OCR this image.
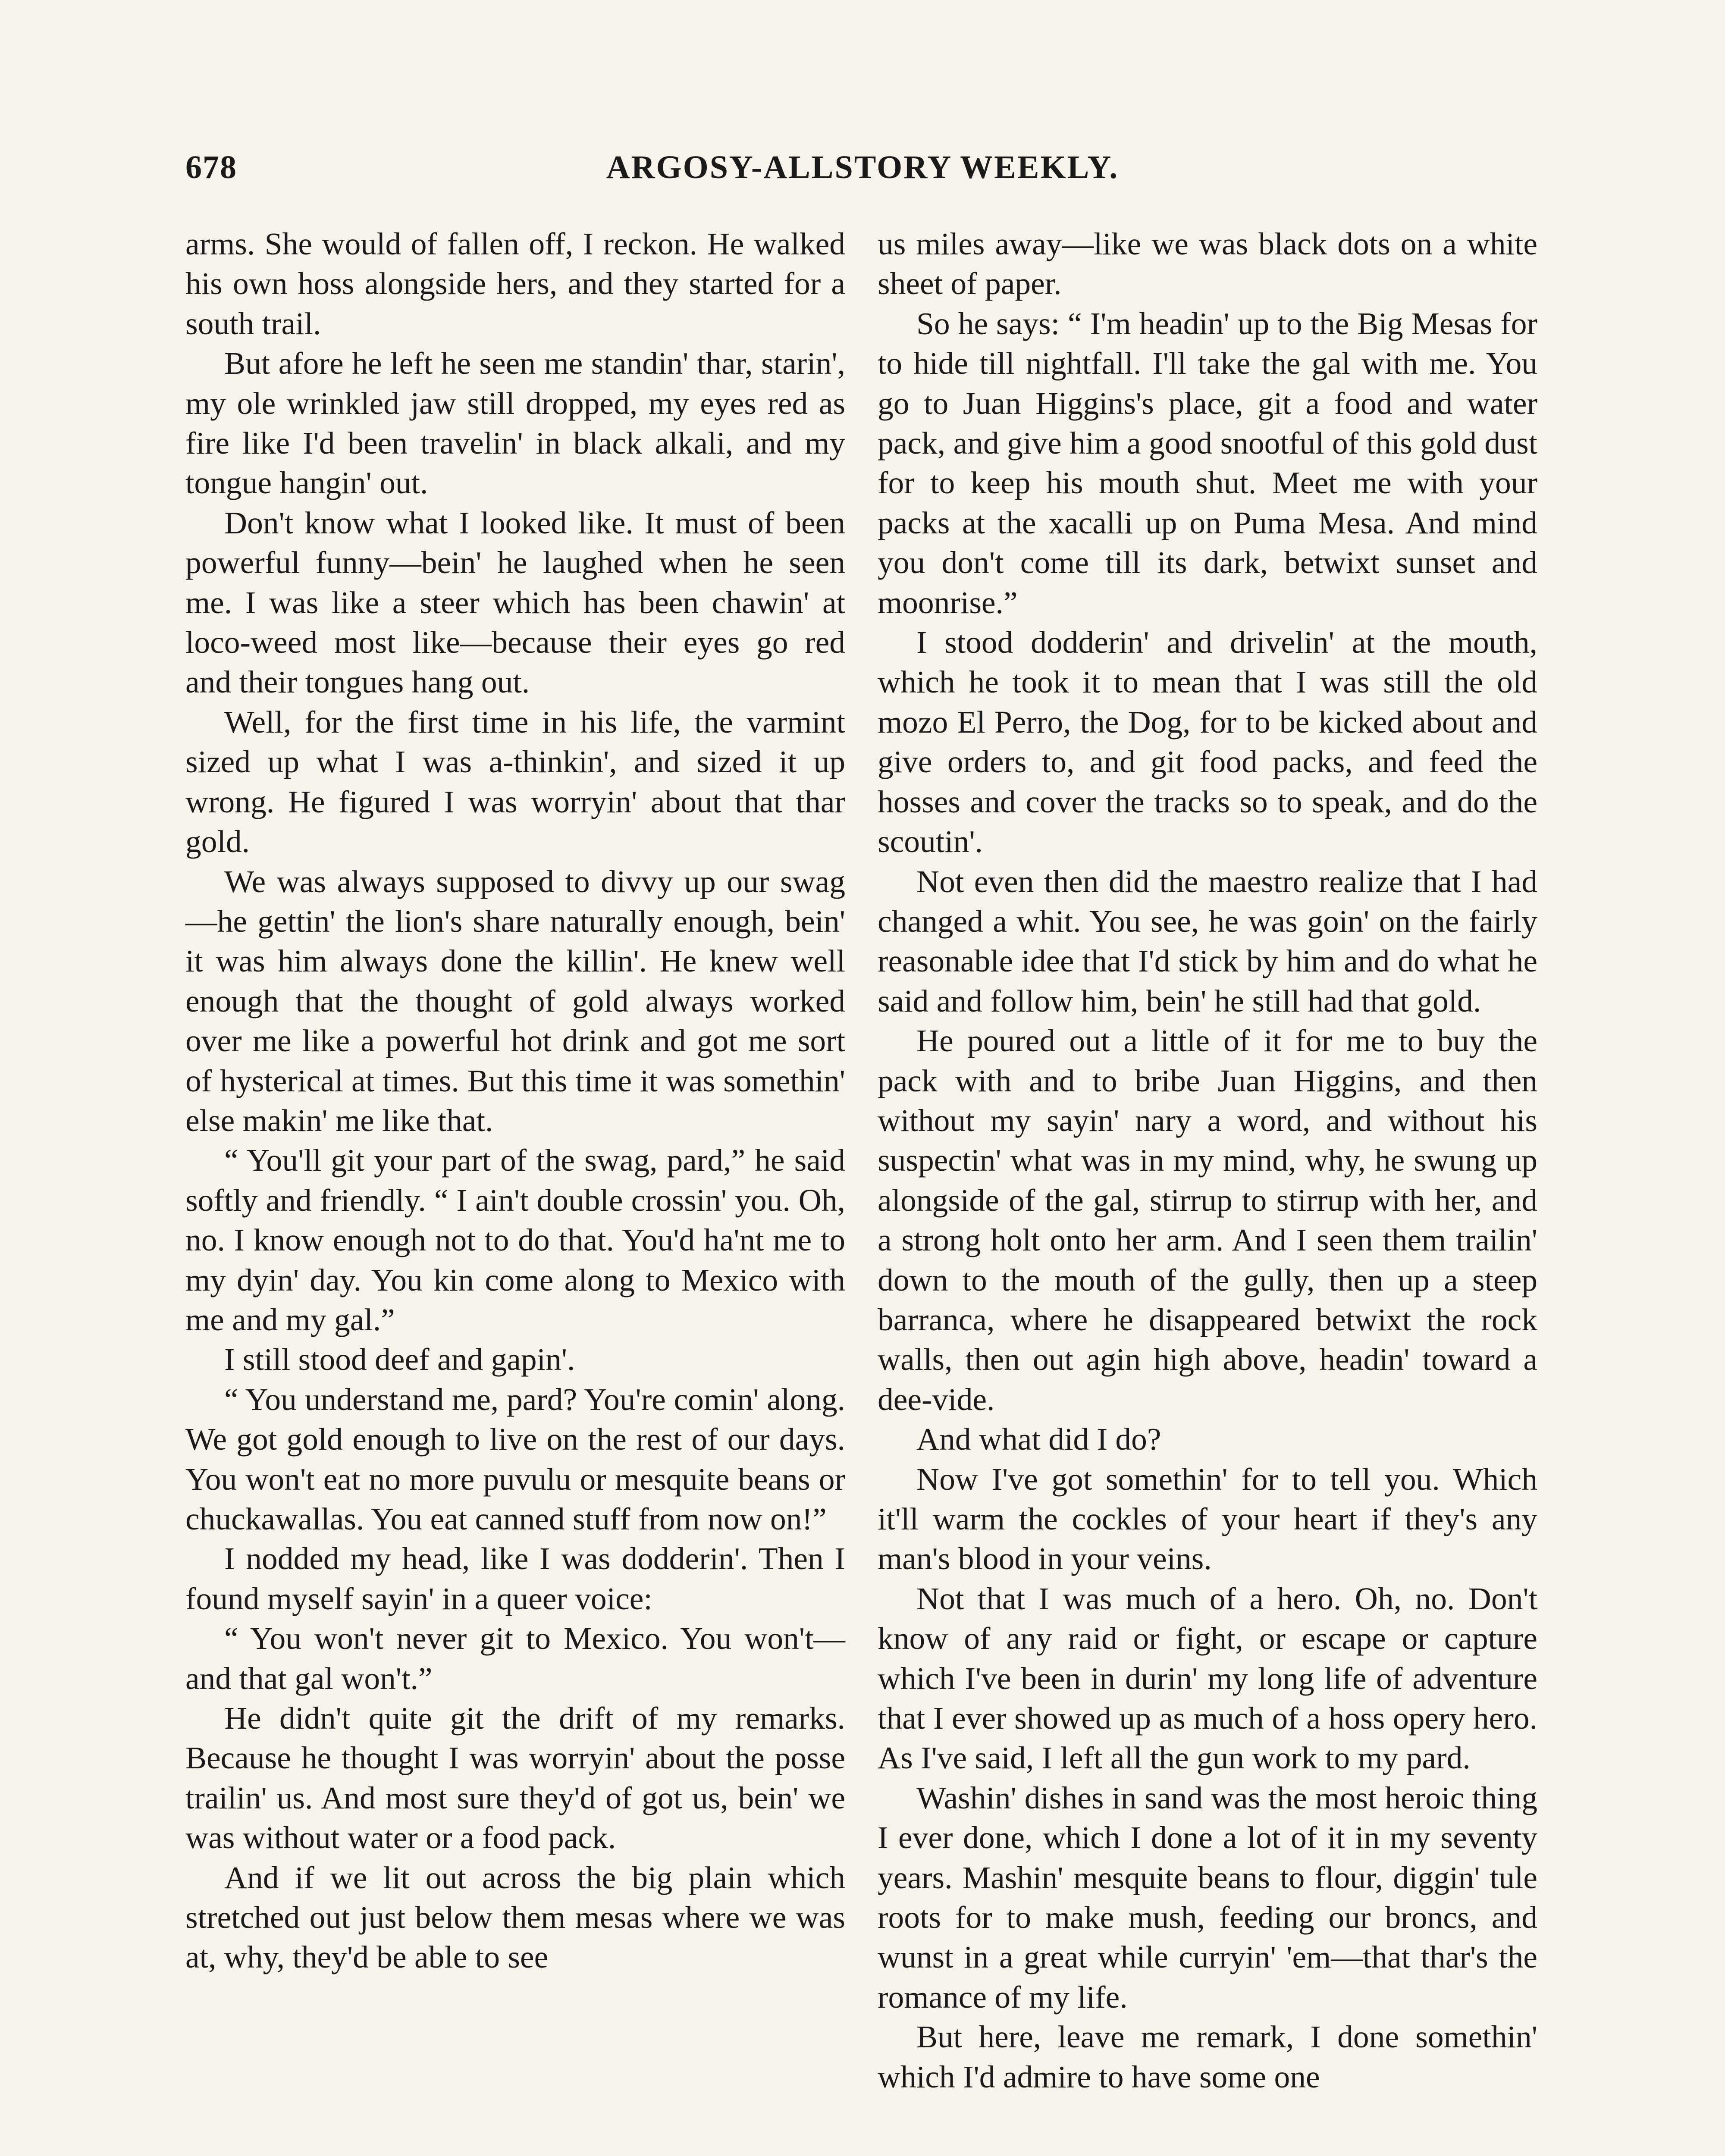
678	ARGOSY-ALLSTORY WEEKLY.

arms. She would of fallen off, I reckon. He walked his own hoss alongside hers, and they started for a south trail.

But afore he left he seen me standin' thar, starin', my ole wrinkled jaw still dropped, my eyes red as fire like I'd been travelin' in black alkali, and my tongue hangin' out.

Don't know what I looked like. It must of been powerful funny—bein' he laughed when he seen me. I was like a steer which has been chawin' at loco-weed most like—because their eyes go red and their tongues hang out.

Well, for the first time in his life, the varmint sized up what I was a-thinkin', and sized it up wrong. He figured I was worryin' about that thar gold.

We was always supposed to divvy up our swag—he gettin' the lion's share naturally enough, bein' it was him always done the killin'. He knew well enough that the thought of gold always worked over me like a powerful hot drink and got me sort of hysterical at times. But this time it was somethin' else makin' me like that.

“ You'll git your part of the swag, pard,” he said softly and friendly. “ I ain't double crossin' you. Oh, no. I know enough not to do that. You'd ha'nt me to my dyin' day. You kin come along to Mexico with me and my gal.”

I still stood deef and gapin'.

“ You understand me, pard? You're comin' along. We got gold enough to live on the rest of our days. You won't eat no more puvulu or mesquite beans or chuckawallas. You eat canned stuff from now on!”

I nodded my head, like I was dodderin'. Then I found myself sayin' in a queer voice:

“ You won't never git to Mexico. You won't—and that gal won't.”

He didn't quite git the drift of my remarks. Because he thought I was worryin' about the posse trailin' us. And most sure they'd of got us, bein' we was without water or a food pack.

And if we lit out across the big plain which stretched out just below them mesas where we was at, why, they'd be able to see

us miles away—like we was black dots on a white sheet of paper.

So he says: “ I'm headin' up to the Big Mesas for to hide till nightfall. I'll take the gal with me. You go to Juan Higgins's place, git a food and water pack, and give him a good snootful of this gold dust for to keep his mouth shut. Meet me with your packs at the xacalli up on Puma Mesa. And mind you don't come till its dark, betwixt sunset and moonrise.”

I stood dodderin' and drivelin' at the mouth, which he took it to mean that I was still the old mozo El Perro, the Dog, for to be kicked about and give orders to, and git food packs, and feed the hosses and cover the tracks so to speak, and do the scoutin'.

Not even then did the maestro realize that I had changed a whit. You see, he was goin' on the fairly reasonable idee that I'd stick by him and do what he said and follow him, bein' he still had that gold.

He poured out a little of it for me to buy the pack with and to bribe Juan Higgins, and then without my sayin' nary a word, and without his suspectin' what was in my mind, why, he swung up alongside of the gal, stirrup to stirrup with her, and a strong holt onto her arm. And I seen them trailin' down to the mouth of the gully, then up a steep barranca, where he disappeared betwixt the rock walls, then out agin high above, headin' toward a dee-vide.

And what did I do?

Now I've got somethin' for to tell you. Which it'll warm the cockles of your heart if they's any man's blood in your veins.

Not that I was much of a hero. Oh, no. Don't know of any raid or fight, or escape or capture which I've been in durin' my long life of adventure that I ever showed up as much of a hoss opery hero. As I've said, I left all the gun work to my pard.

Washin' dishes in sand was the most heroic thing I ever done, which I done a lot of it in my seventy years. Mashin' mesquite beans to flour, diggin' tule roots for to make mush, feeding our broncs, and wunst in a great while curryin' 'em—that thar's the romance of my life.

But here, leave me remark, I done somethin' which I'd admire to have some one
